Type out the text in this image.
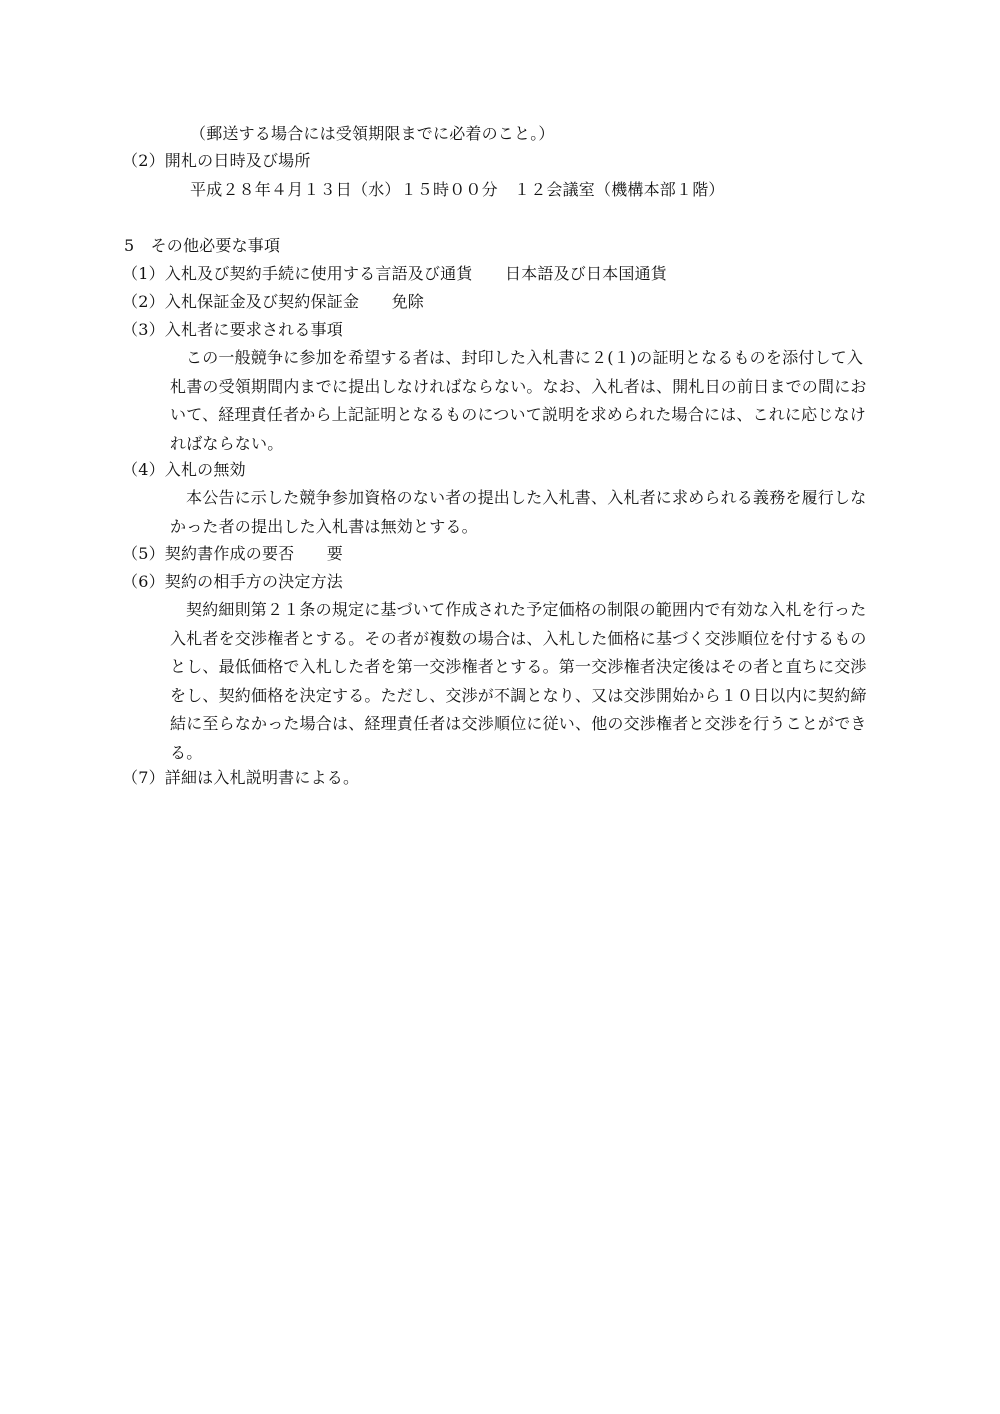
（郵送する場合には受領期限までに必着のこと。）
（2）開札の日時及び場所
平成２８年４月１３日（水）１５時００分　１２会議室（機構本部１階）
5　その他必要な事項
（1）入札及び契約手続に使用する言語及び通貨　　日本語及び日本国通貨
（2）入札保証金及び契約保証金　　免除
（3）入札者に要求される事項
この一般競争に参加を希望する者は、封印した入札書に２(１)の証明となるものを添付して入
札書の受領期間内までに提出しなければならない。なお、入札者は、開札日の前日までの間にお
いて、経理責任者から上記証明となるものについて説明を求められた場合には、これに応じなけ
ればならない。
（4）入札の無効
本公告に示した競争参加資格のない者の提出した入札書、入札者に求められる義務を履行しな
かった者の提出した入札書は無効とする。
（5）契約書作成の要否　　要
（6）契約の相手方の決定方法
契約細則第２１条の規定に基づいて作成された予定価格の制限の範囲内で有効な入札を行った
入札者を交渉権者とする。その者が複数の場合は、入札した価格に基づく交渉順位を付するもの
とし、最低価格で入札した者を第一交渉権者とする。第一交渉権者決定後はその者と直ちに交渉
をし、契約価格を決定する。ただし、交渉が不調となり、又は交渉開始から１０日以内に契約締
結に至らなかった場合は、経理責任者は交渉順位に従い、他の交渉権者と交渉を行うことができ
る。
（7）詳細は入札説明書による。
